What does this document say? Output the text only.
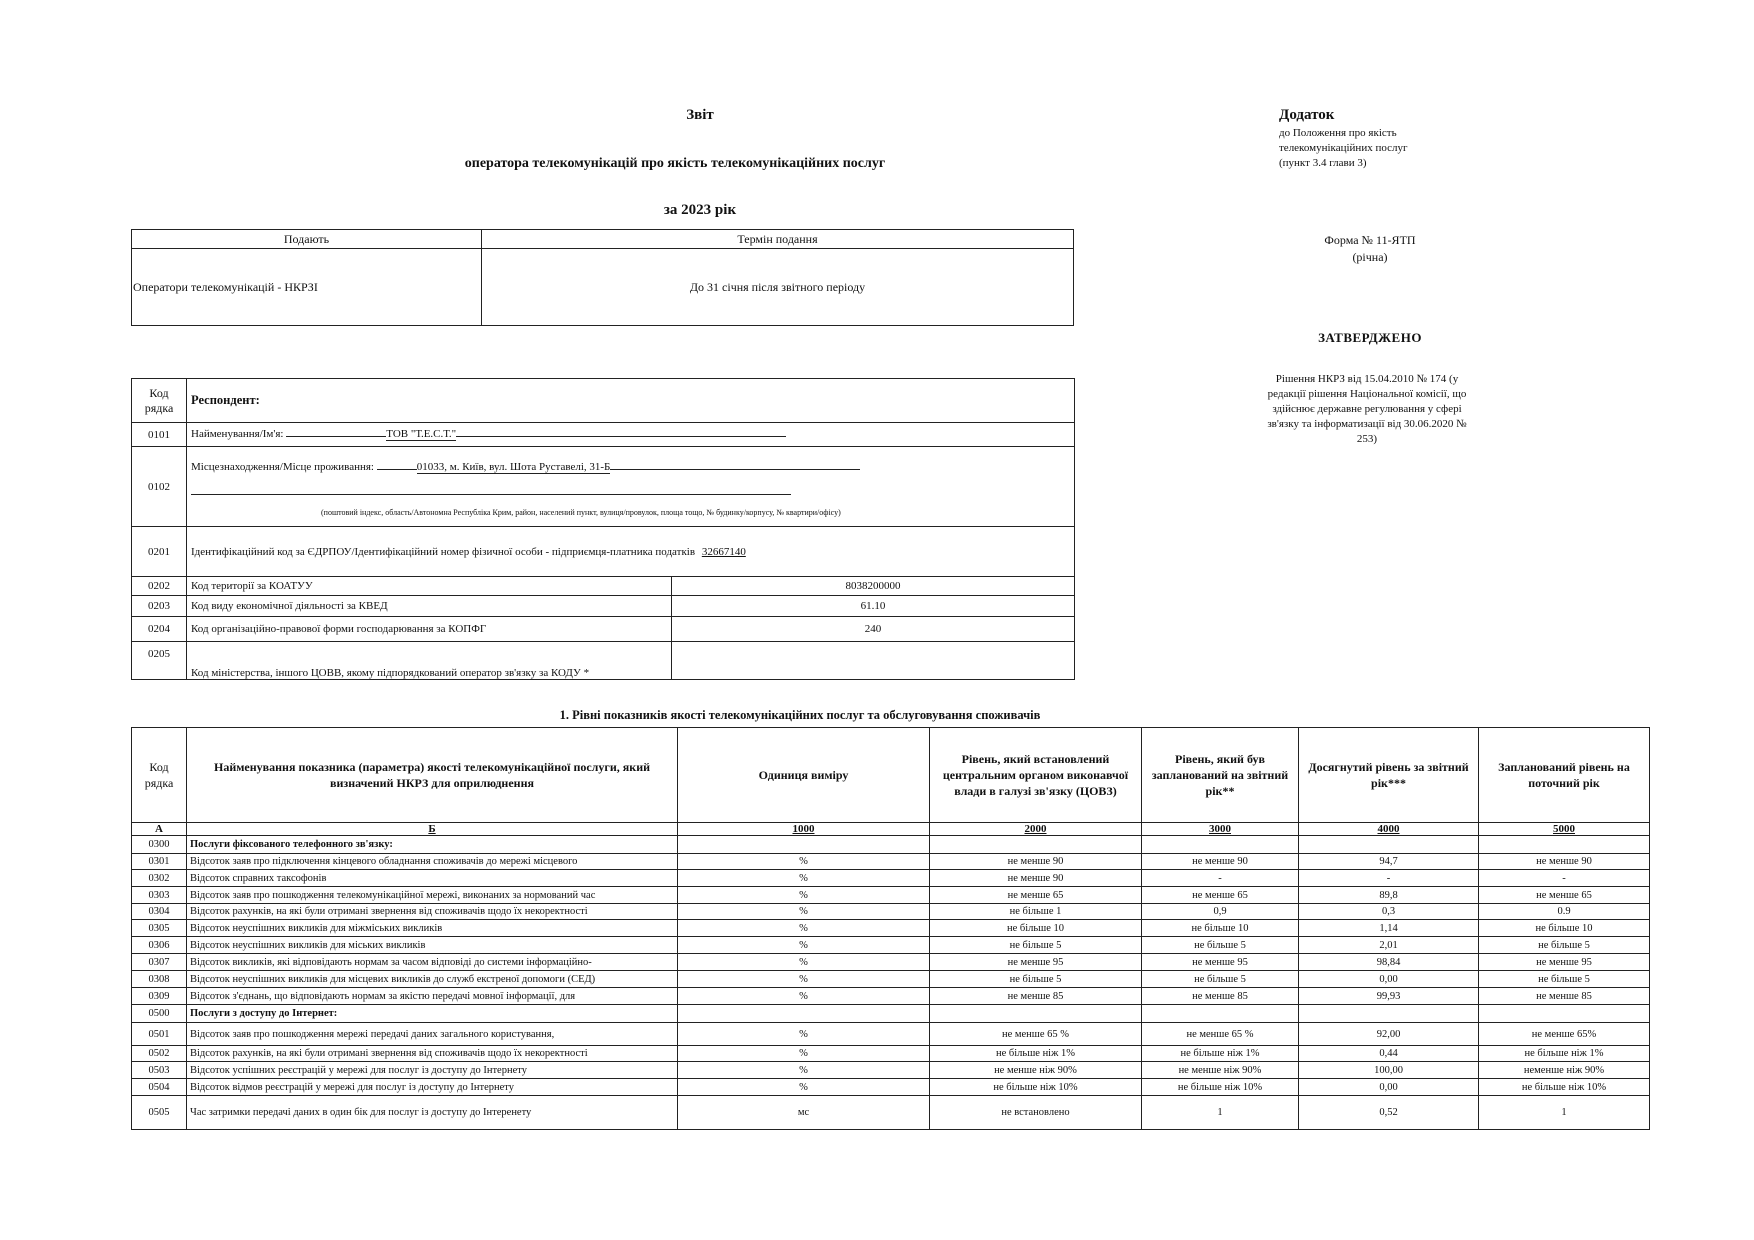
Звіт
оператора телекомунікацій про якість телекомунікаційних послуг
за 2023 рік
Додаток
до Положення про якість
телекомунікаційних послуг
(пункт 3.4 глави 3)
Форма № 11-ЯТП
(річна)
ЗАТВЕРДЖЕНО
Рішення НКРЗ від 15.04.2010 № 174 (у редакції рішення Національної комісії, що здійснює державне регулювання у сфері зв'язку та інформатизації від 30.06.2020 № 253)
Подають	Термін подання
Оператори телекомунікацій - НКРЗІ	До 31 січня після звітного періоду
Код рядка	Респондент:	
0101	Найменування/Ім'я: ТОВ "Т.Е.С.Т."	
0102	Місцезнаходження/Місце проживання: 01033, м. Київ, вул. Шота Руставелі, 31-Б
(поштовий індекс, область/Автономна Республіка Крим, район, населений пункт, вулиця/провулок, площа тощо, № будинку/корпусу, № квартири/офісу)	

0201	Ідентифікаційний код за ЄДРПОУ/Ідентифікаційний номер фізичної особи - підприємця-платника податків 32667140	
0202	Код території за КОАТУУ	8038200000
0203	Код виду економічної діяльності за КВЕД	61.10
0204	Код організаційно-правової форми господарювання за КОПФГ	240
0205	Код міністерства, іншого ЦОВВ, якому підпорядкований оператор зв'язку за КОДУ *	
1. Рівні показників якості телекомунікаційних послуг та обслуговування споживачів
Код рядка	Найменування показника (параметра) якості телекомунікаційної послуги, який визначений НКРЗ для оприлюднення	Одиниця виміру	Рівень, який встановлений центральним органом виконавчої влади в галузі зв'язку (ЦОВЗ)	Рівень, який був запланований на звітний рік**	Досягнутий рівень за звітний рік***	Запланований рівень на поточний рік
А	Б	1000	2000	3000	4000	5000
0300	Послуги фіксованого телефонного зв'язку:					
0301	Відсоток заяв про підключення кінцевого обладнання споживачів до мережі місцевого	%	не менше 90	не менше 90	94,7	не менше 90
0302	Відсоток справних таксофонів	%	не менше 90	-	-	-
0303	Відсоток заяв про пошкодження телекомунікаційної мережі, виконаних за нормований час	%	не менше 65	не менше 65	89,8	не менше 65
0304	Відсоток рахунків, на які були отримані звернення від споживачів щодо їх некоректності	%	не більше 1	0,9	0,3	0.9
0305	Відсоток неуспішних викликів для міжміських викликів	%	не більше 10	не більше 10	1,14	не більше 10
0306	Відсоток неуспішних викликів для міських викликів	%	не більше 5	не більше 5	2,01	не більше 5
0307	Відсоток викликів, які відповідають нормам за часом відповіді до системи інформаційно-	%	не менше 95	не менше 95	98,84	не менше 95
0308	Відсоток неуспішних викликів для місцевих викликів до служб екстреної допомоги (СЕД)	%	не більше 5	не більше 5	0,00	не більше 5
0309	Відсоток з'єднань, що відповідають нормам за якістю передачі мовної інформації, для	%	не менше 85	не менше 85	99,93	не менше 85
0500	Послуги з доступу до Інтернет:					
0501	Відсоток заяв про пошкодження мережі передачі даних загального користування,	%	не менше 65 %	не менше 65 %	92,00	не менше 65%
0502	Відсоток рахунків, на які були отримані звернення від споживачів щодо їх некоректності	%	не більше ніж 1%	не більше ніж 1%	0,44	не більше ніж 1%
0503	Відсоток успішних реєстрацій у мережі для послуг із доступу до Інтернету	%	не менше ніж 90%	не менше ніж 90%	100,00	неменше ніж 90%
0504	Відсоток відмов реєстрацій у мережі для послуг із доступу до Інтернету	%	не більше ніж 10%	не більше ніж 10%	0,00	не більше ніж 10%
0505	Час затримки передачі даних в один бік для послуг із доступу до Інтеренету	мс	не встановлено	1	0,52	1
